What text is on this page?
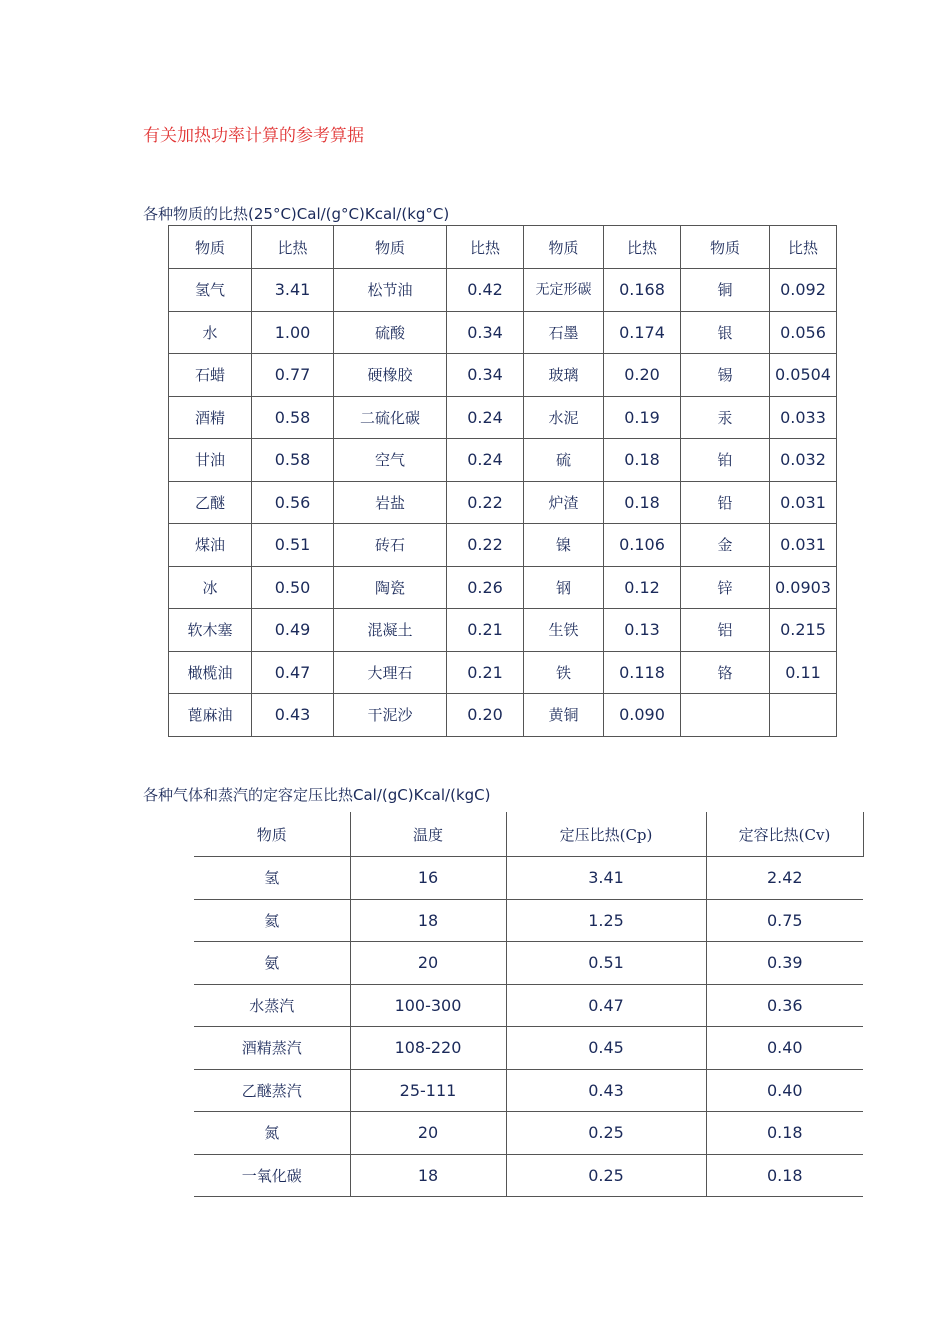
有关加热功率计算的参考算据
各种物质的比热(25°C)Cal/(g°C)Kcal/(kg°C)
物质	比热	物质	比热	物质	比热	物质	比热
氢气	3.41	松节油	0.42	无定形碳	0.168	铜	0.092
水	1.00	硫酸	0.34	石墨	0.174	银	0.056
石蜡	0.77	硬橡胶	0.34	玻璃	0.20	锡	0.0504
酒精	0.58	二硫化碳	0.24	水泥	0.19	汞	0.033
甘油	0.58	空气	0.24	硫	0.18	铂	0.032
乙醚	0.56	岩盐	0.22	炉渣	0.18	铅	0.031
煤油	0.51	砖石	0.22	镍	0.106	金	0.031
冰	0.50	陶瓷	0.26	钢	0.12	锌	0.0903
软木塞	0.49	混凝土	0.21	生铁	0.13	铝	0.215
橄榄油	0.47	大理石	0.21	铁	0.118	铬	0.11
蓖麻油	0.43	干泥沙	0.20	黄铜	0.090		
各种气体和蒸汽的定容定压比热Cal/(gC)Kcal/(kgC)
物质	温度	定压比热(Cp)	定容比热(Cv)
氢	16	3.41	2.42
氦	18	1.25	0.75
氨	20	0.51	0.39
水蒸汽	100-300	0.47	0.36
酒精蒸汽	108-220	0.45	0.40
乙醚蒸汽	25-111	0.43	0.40
氮	20	0.25	0.18
一氧化碳	18	0.25	0.18
